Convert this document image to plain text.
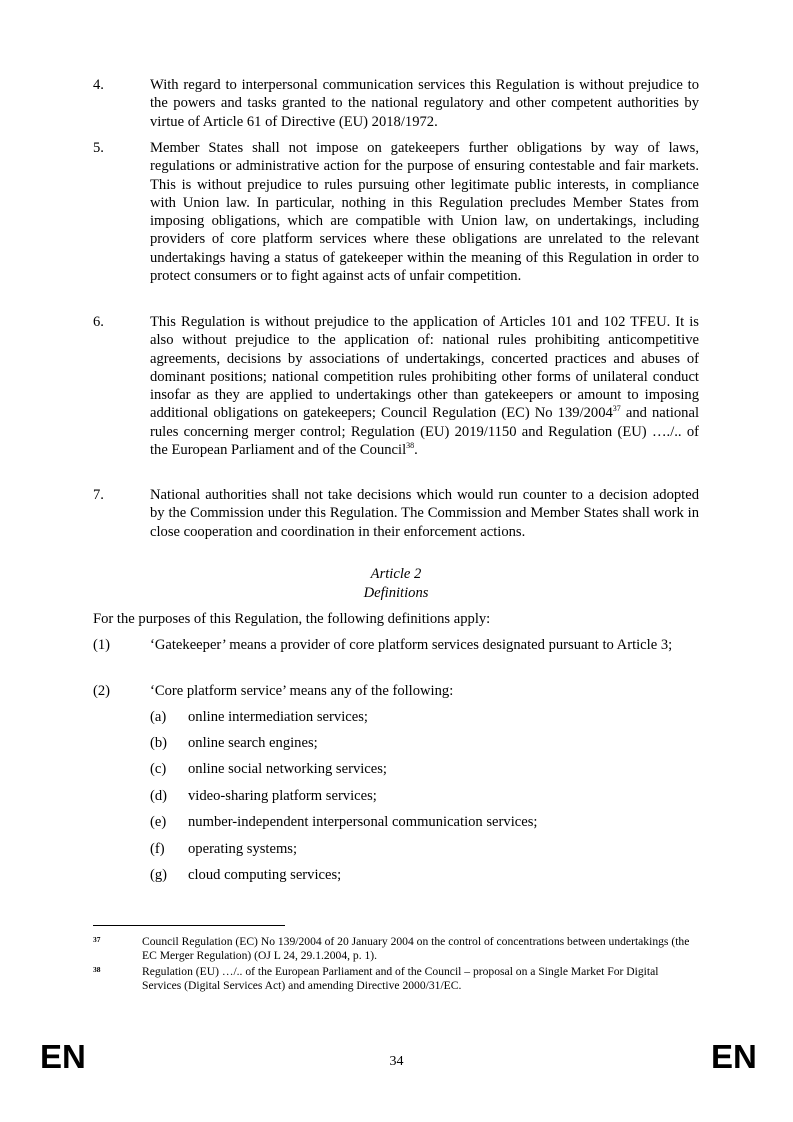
4.	With regard to interpersonal communication services this Regulation is without prejudice to the powers and tasks granted to the national regulatory and other competent authorities by virtue of Article 61 of Directive (EU) 2018/1972.
5.	Member States shall not impose on gatekeepers further obligations by way of laws, regulations or administrative action for the purpose of ensuring contestable and fair markets. This is without prejudice to rules pursuing other legitimate public interests, in compliance with Union law. In particular, nothing in this Regulation precludes Member States from imposing obligations, which are compatible with Union law, on undertakings, including providers of core platform services where these obligations are unrelated to the relevant undertakings having a status of gatekeeper within the meaning of this Regulation in order to protect consumers or to fight against acts of unfair competition.
6.	This Regulation is without prejudice to the application of Articles 101 and 102 TFEU. It is also without prejudice to the application of: national rules prohibiting anticompetitive agreements, decisions by associations of undertakings, concerted practices and abuses of dominant positions; national competition rules prohibiting other forms of unilateral conduct insofar as they are applied to undertakings other than gatekeepers or amount to imposing additional obligations on gatekeepers; Council Regulation (EC) No 139/2004$^{37}$ and national rules concerning merger control; Regulation (EU) 2019/1150 and Regulation (EU) …./.. of the European Parliament and of the Council$^{38}$.
7.	National authorities shall not take decisions which would run counter to a decision adopted by the Commission under this Regulation. The Commission and Member States shall work in close cooperation and coordination in their enforcement actions.
Article 2
Definitions
For the purposes of this Regulation, the following definitions apply:
(1)	‘Gatekeeper’ means a provider of core platform services designated pursuant to Article 3;
(2)	‘Core platform service’ means any of the following:
(a) online intermediation services;
(b) online search engines;
(c) online social networking services;
(d) video-sharing platform services;
(e) number-independent interpersonal communication services;
(f) operating systems;
(g) cloud computing services;
37	Council Regulation (EC) No 139/2004 of 20 January 2004 on the control of concentrations between undertakings (the EC Merger Regulation) (OJ L 24, 29.1.2004, p. 1).
38	Regulation (EU) …/.. of the European Parliament and of the Council – proposal on a Single Market For Digital Services (Digital Services Act) and amending Directive 2000/31/EC.
EN	34	EN
